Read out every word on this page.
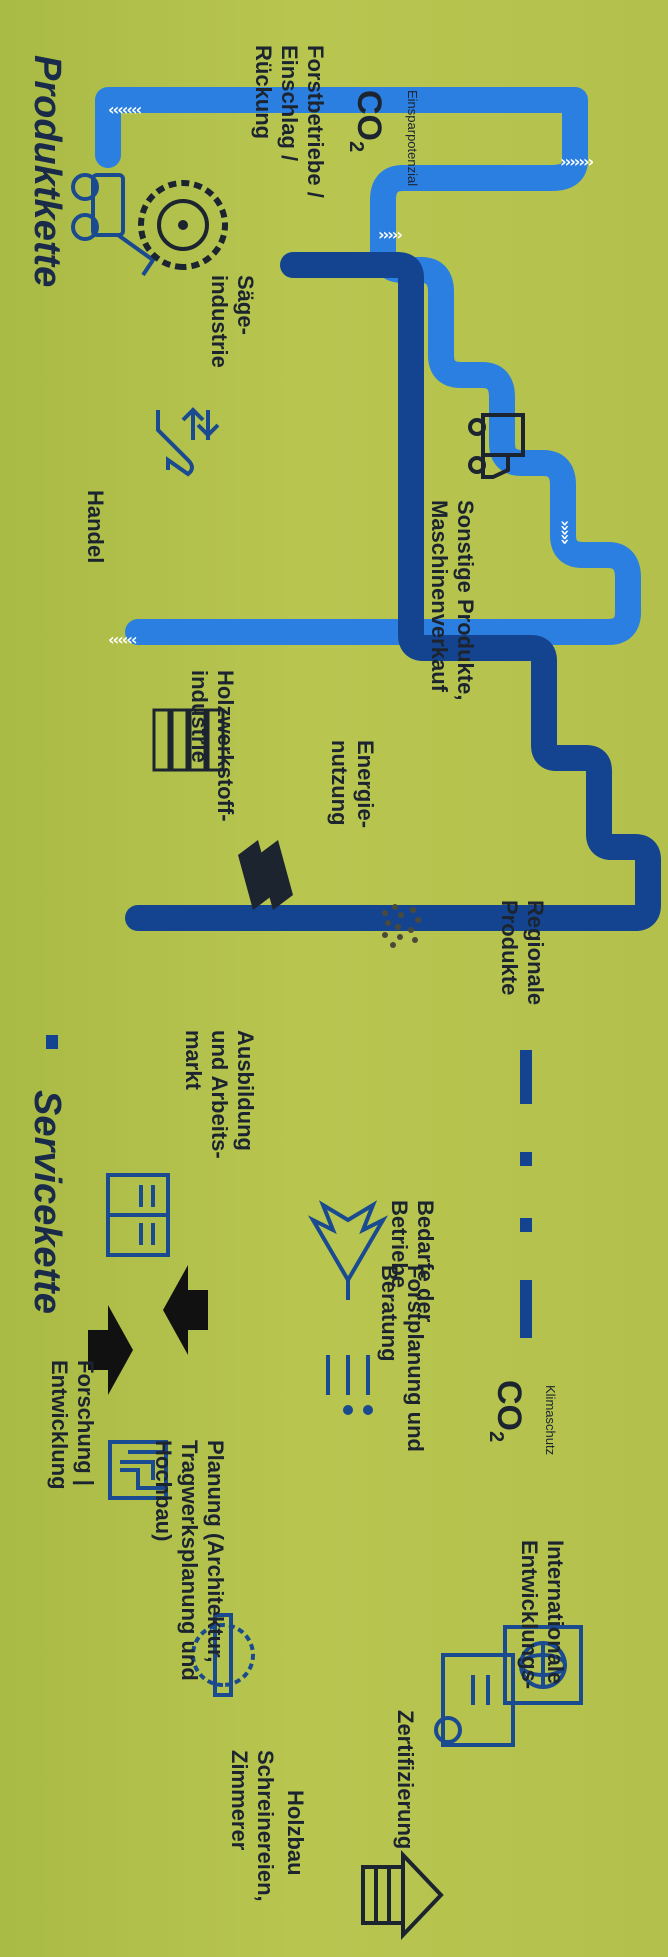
‹‹‹‹‹‹‹
›››››››
›››››
›››››
‹‹‹‹‹‹
Produktkette
Servicekette
Forstbetriebe /
Einschlag /
Rückung
Säge-
industrie
Handel
Holzwerkstoff-
industrie
Energie-
nutzung
Sonstige Produkte,
Maschinenverkauf
Regionale
Produkte
Ausbildung
und Arbeits-
markt
Forschung |
Entwicklung
Forstplanung und
Beratung
Planung (Architektur,
Tragwerksplanung und
Hochbau)
Schreinereien,
Zimmerer	Zertifizierung
Holzbau
Internationale
Entwicklungs-
Bedarfe der
Betriebe
$CO_2$	Einsparpotenzial
$CO_2$	Klimaschutz
